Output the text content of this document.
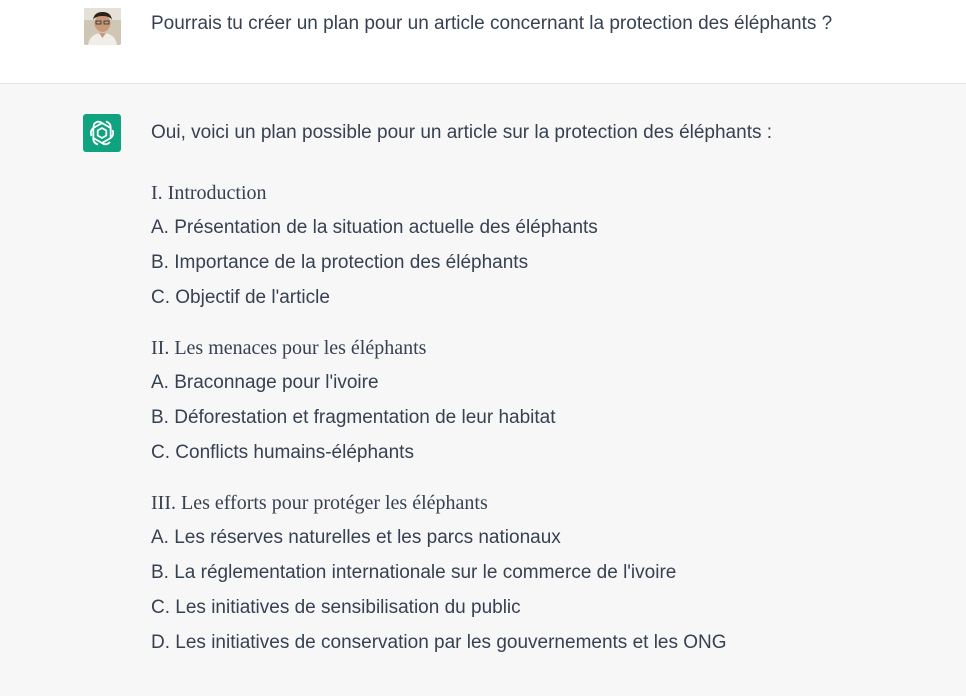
Pourrais tu créer un plan pour un article concernant la protection des éléphants ?
Oui, voici un plan possible pour un article sur la protection des éléphants :
I. Introduction
A. Présentation de la situation actuelle des éléphants
B. Importance de la protection des éléphants
C. Objectif de l'article
II. Les menaces pour les éléphants
A. Braconnage pour l'ivoire
B. Déforestation et fragmentation de leur habitat
C. Conflicts humains-éléphants
III. Les efforts pour protéger les éléphants
A. Les réserves naturelles et les parcs nationaux
B. La réglementation internationale sur le commerce de l'ivoire
C. Les initiatives de sensibilisation du public
D. Les initiatives de conservation par les gouvernements et les ONG
